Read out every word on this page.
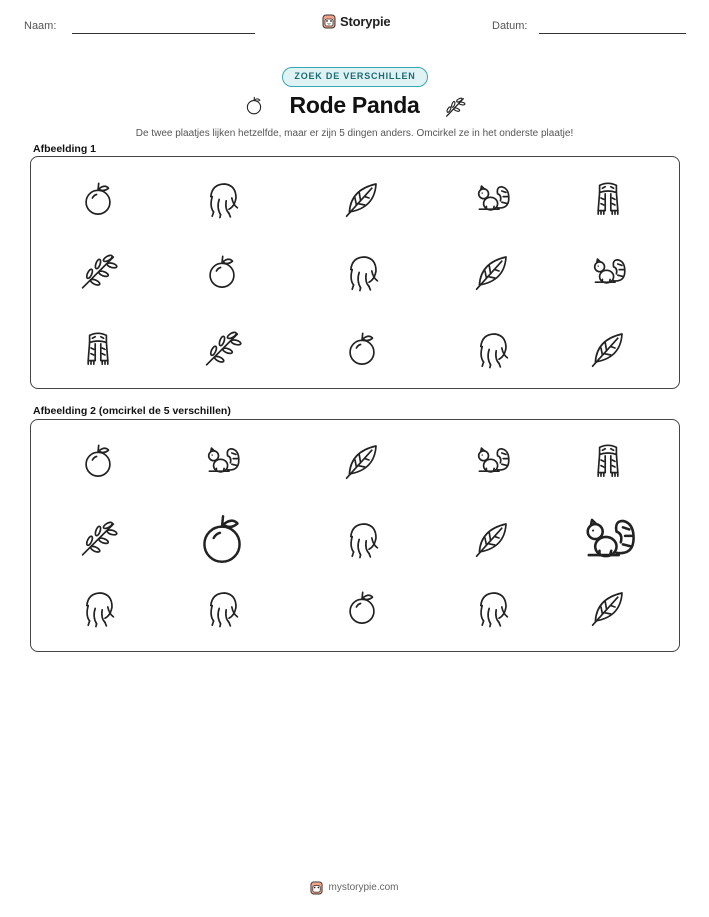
Naam:	Storypie	Datum:
ZOEK DE VERSCHILLEN
Rode Panda
De twee plaatjes lijken hetzelfde, maar er zijn 5 dingen anders. Omcirkel ze in het onderste plaatje!
Afbeelding 1
Afbeelding 2 (omcirkel de 5 verschillen)
mystorypie.com
